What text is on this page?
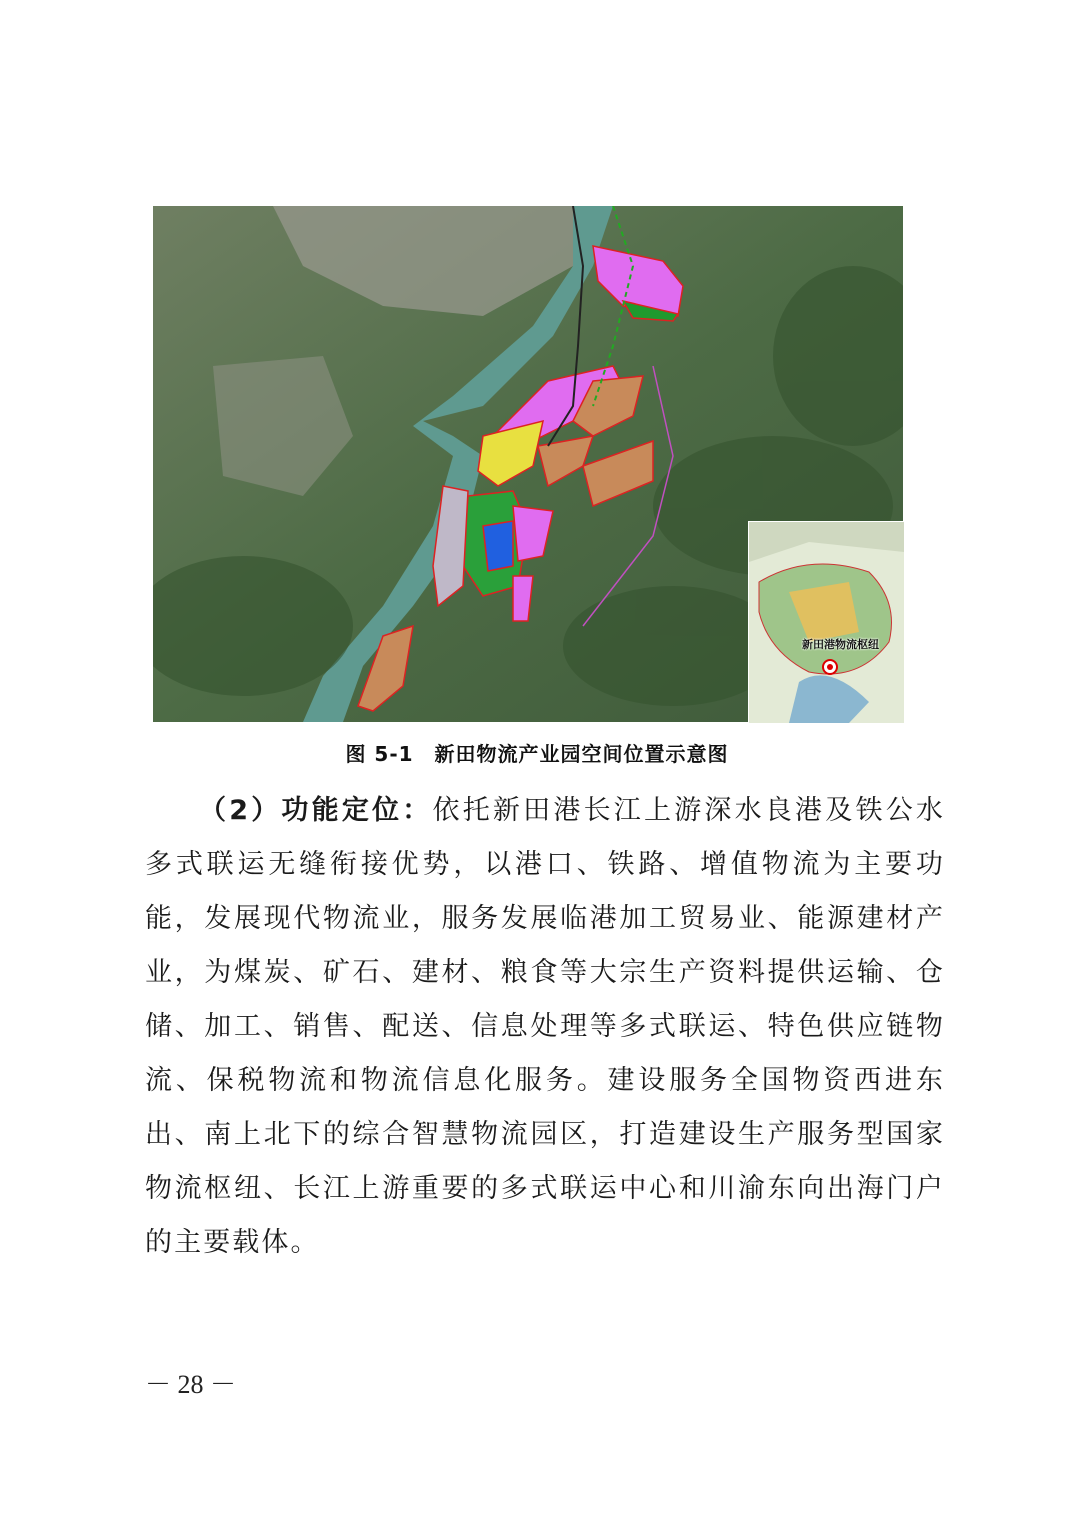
新田港物流枢纽
图 5-1　新田物流产业园空间位置示意图
（2）功能定位：依托新田港长江上游深水良港及铁公水多式联运无缝衔接优势，以港口、铁路、增值物流为主要功能，发展现代物流业，服务发展临港加工贸易业、能源建材产业，为煤炭、矿石、建材、粮食等大宗生产资料提供运输、仓储、加工、销售、配送、信息处理等多式联运、特色供应链物流、保税物流和物流信息化服务。建设服务全国物资西进东出、南上北下的综合智慧物流园区，打造建设生产服务型国家物流枢纽、长江上游重要的多式联运中心和川渝东向出海门户的主要载体。
－ 28 －
